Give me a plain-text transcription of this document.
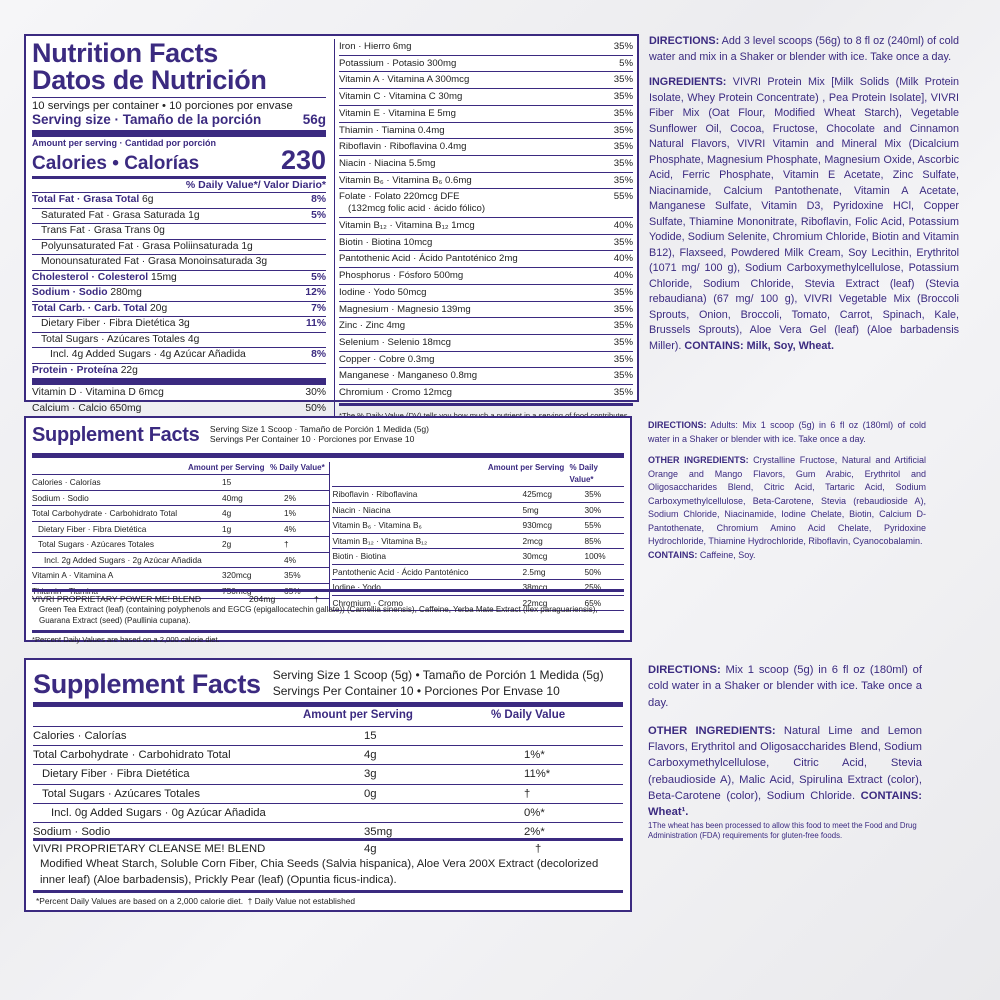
Nutrition Facts
Datos de Nutrición
10 servings per container • 10 porciones por envase
Serving size · Tamaño de la porción	56g
Amount per serving · Cantidad por porción
Calories • Calorías	230
% Daily Value*/ Valor Diario*
Total Fat · Grasa Total 6g	8%
Saturated Fat · Grasa Saturada 1g	5%
Trans Fat · Grasa Trans 0g
Polyunsaturated Fat · Grasa Poliinsaturada 1g
Monounsaturated Fat · Grasa Monoinsaturada 3g
Cholesterol · Colesterol 15mg	5%
Sodium · Sodio 280mg	12%
Total Carb. · Carb. Total 20g	7%
Dietary Fiber · Fibra Dietética 3g	11%
Total Sugars · Azúcares Totales 4g
Incl. 4g Added Sugars · 4g Azúcar Añadida	8%
Protein · Proteína 22g
Vitamin D · Vitamina D 6mcg	30%
Calcium · Calcio 650mg	50%
Iron · Hierro 6mg	35%
Potassium · Potasio 300mg	5%
Vitamin A · Vitamina A 300mcg	35%
Vitamin C · Vitamina C 30mg	35%
Vitamin E · Vitamina E 5mg	35%
Thiamin · Tiamina 0.4mg	35%
Riboflavin · Riboflavina 0.4mg	35%
Niacin · Niacina 5.5mg	35%
Vitamin B₆ · Vitamina B₆ 0.6mg	35%
Folate · Folato 220mcg DFE	55%
(132mcg folic acid · ácido fólico)
Vitamin B₁₂ · Vitamina B₁₂ 1mcg	40%
Biotin · Biotina 10mcg	35%
Pantothenic Acid · Ácido Pantoténico 2mg	40%
Phosphorus · Fósforo 500mg	40%
Iodine · Yodo 50mcg	35%
Magnesium · Magnesio 139mg	35%
Zinc · Zinc 4mg	35%
Selenium · Selenio 18mcg	35%
Copper · Cobre 0.3mg	35%
Manganese · Manganeso 0.8mg	35%
Chromium · Cromo 12mcg	35%
DIRECTIONS: Add 3 level scoops (56g) to 8 fl oz (240ml) of cold water and mix in a Shaker or blender with ice. Take once a day.
INGREDIENTS: VIVRI Protein Mix [Milk Solids (Milk Protein Isolate, Whey Protein Concentrate) , Pea Protein Isolate], VIVRI Fiber Mix (Oat Flour, Modified Wheat Starch), Vegetable Sunflower Oil, Cocoa, Fructose, Chocolate and Cinnamon Natural Flavors, VIVRI Vitamin and Mineral Mix (Dicalcium Phosphate, Magnesium Phosphate, Magnesium Oxide, Ascorbic Acid, Ferric Phosphate, Vitamin E Acetate, Zinc Sulfate, Niacinamide, Calcium Pantothenate, Vitamin A Acetate, Manganese Sulfate, Vitamin D3, Pyridoxine HCl, Copper Sulfate, Thiamine Mononitrate, Riboflavin, Folic Acid, Potassium Yodide, Sodium Selenite, Chromium Chloride, Biotin and Vitamin B12), Flaxseed, Powdered Milk Cream, Soy Lecithin, Erythritol (1071 mg/ 100 g), Sodium Carboxymethylcellulose, Potassium Chloride, Sodium Chloride, Stevia Extract (leaf) (Stevia rebaudiana) (67 mg/ 100 g), VIVRI Vegetable Mix (Broccoli Sprouts, Onion, Broccoli, Tomato, Carrot, Spinach, Kale, Brussels Sprouts), Aloe Vera Gel (leaf) (Aloe barbadensis Miller). CONTAINS: Milk, Soy, Wheat.
Supplement Facts Serving Size 1 Scoop · Tamaño de Porción 1 Medida (5g)
Servings Per Container 10 · Porciones por Envase 10
Amount per Serving % Daily Value*
Calories · Calorías	15
Sodium · Sodio	40mg	2%
Total Carbohydrate · Carbohidrato Total	4g	1%
Dietary Fiber · Fibra Dietética	1g	4%
Total Sugars · Azúcares Totales	2g	†
Incl. 2g Added Sugars · 2g Azúcar Añadida	4%
Vitamin A · Vitamina A	320mcg	35%
Thiamin · Tiamina	750mcg	65%
Amount per Serving % Daily Value*
Riboflavin · Riboflavina	425mcg	35%
Niacin · Niacina	5mg	30%
Vitamin B₆ · Vitamina B₆	930mcg	55%
Vitamin B₁₂ · Vitamina B₁₂	2mcg	85%
Biotin · Biotina	30mcg	100%
Pantothenic Acid · Ácido Pantoténico	2.5mg	50%
Iodine · Yodo	38mcg	25%
Chromium · Cromo	22mcg	65%
VIVRI PROPRIETARY POWER ME! BLEND	204mg	†
Green Tea Extract (leaf) (containing polyphenols and EGCG (epigallocatechin gallate)) (Camellia sinensis), Caffeine, Yerba Mate Extract (Ilex paraguariensis), Guarana Extract (seed) (Paullinia cupana).
*Percent Daily Values are based on a 2,000 calorie diet.
DIRECTIONS: Adults: Mix 1 scoop (5g) in 6 fl oz (180ml) of cold water in a Shaker or blender with ice. Take once a day.
OTHER INGREDIENTS: Crystalline Fructose, Natural and Artificial Orange and Mango Flavors, Gum Arabic, Erythritol and Oligosaccharides Blend, Citric Acid, Tartaric Acid, Sodium Carboxymethylcellulose, Beta-Carotene, Stevia (rebaudioside A), Sodium Chloride, Niacinamide, Iodine Chelate, Biotin, Calcium D-Pantothenate, Chromium Amino Acid Chelate, Pyridoxine Hydrochloride, Thiamine Hydrochloride, Riboflavin, Cyanocobalamin.
CONTAINS: Caffeine, Soy.
Supplement Facts Serving Size 1 Scoop (5g) • Tamaño de Porción 1 Medida (5g)
Servings Per Container 10 • Porciones Por Envase 10
Amount per Serving	% Daily Value
Calories · Calorías	15
Total Carbohydrate · Carbohidrato Total	4g	1%*
Dietary Fiber · Fibra Dietética	3g	11%*
Total Sugars · Azúcares Totales	0g	†
Incl. 0g Added Sugars · 0g Azúcar Añadida	0%*
Sodium · Sodio	35mg	2%*
VIVRI PROPRIETARY CLEANSE ME! BLEND	4g	†
Modified Wheat Starch, Soluble Corn Fiber, Chia Seeds (Salvia hispanica), Aloe Vera 200X Extract (decolorized inner leaf) (Aloe barbadensis), Prickly Pear (leaf) (Opuntia ficus-indica).
*Percent Daily Values are based on a 2,000 calorie diet.  † Daily Value not established
DIRECTIONS: Mix 1 scoop (5g) in 6 fl oz (180ml) of cold water in a Shaker or blender with ice. Take once a day.
OTHER INGREDIENTS: Natural Lime and Lemon Flavors, Erythritol and Oligosaccharides Blend, Sodium Carboxymethylcellulose, Citric Acid, Stevia (rebaudioside A), Malic Acid, Spirulina Extract (color), Beta-Carotene (color), Sodium Chloride. CONTAINS: Wheat¹.
1The wheat has been processed to allow this food to meet the Food and Drug Administration (FDA) requirements for gluten-free foods.
